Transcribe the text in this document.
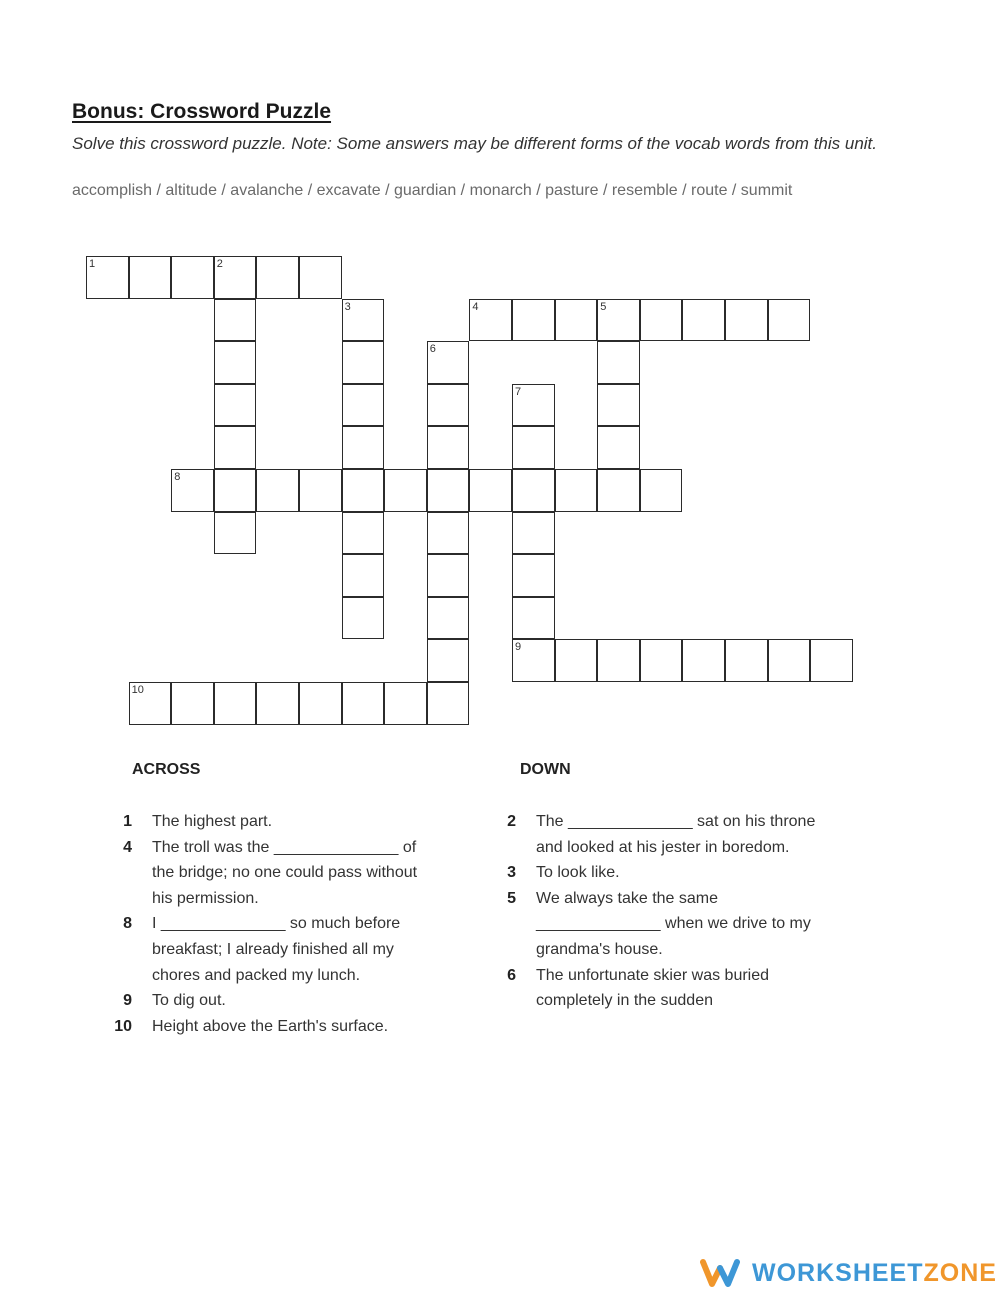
Bonus: Crossword Puzzle

Solve this crossword puzzle. Note: Some answers may be different forms of the vocab words from this unit.

accomplish / altitude / avalanche / excavate / guardian / monarch / pasture / resemble / route / summit

1	2
3	4	5
6
7
9
8
10
ACROSS	DOWN
1 The highest part.
4 The troll was the ______________ of the bridge; no one could pass without his permission.
8 I ______________ so much before breakfast; I already finished all my chores and packed my lunch.
9 To dig out.
10 Height above the Earth's surface.
2 The ______________ sat on his throne and looked at his jester in boredom.
3 To look like.
5 We always take the same ______________ when we drive to my grandma's house.
6 The unfortunate skier was buried completely in the sudden
WORKSHEETZONE
